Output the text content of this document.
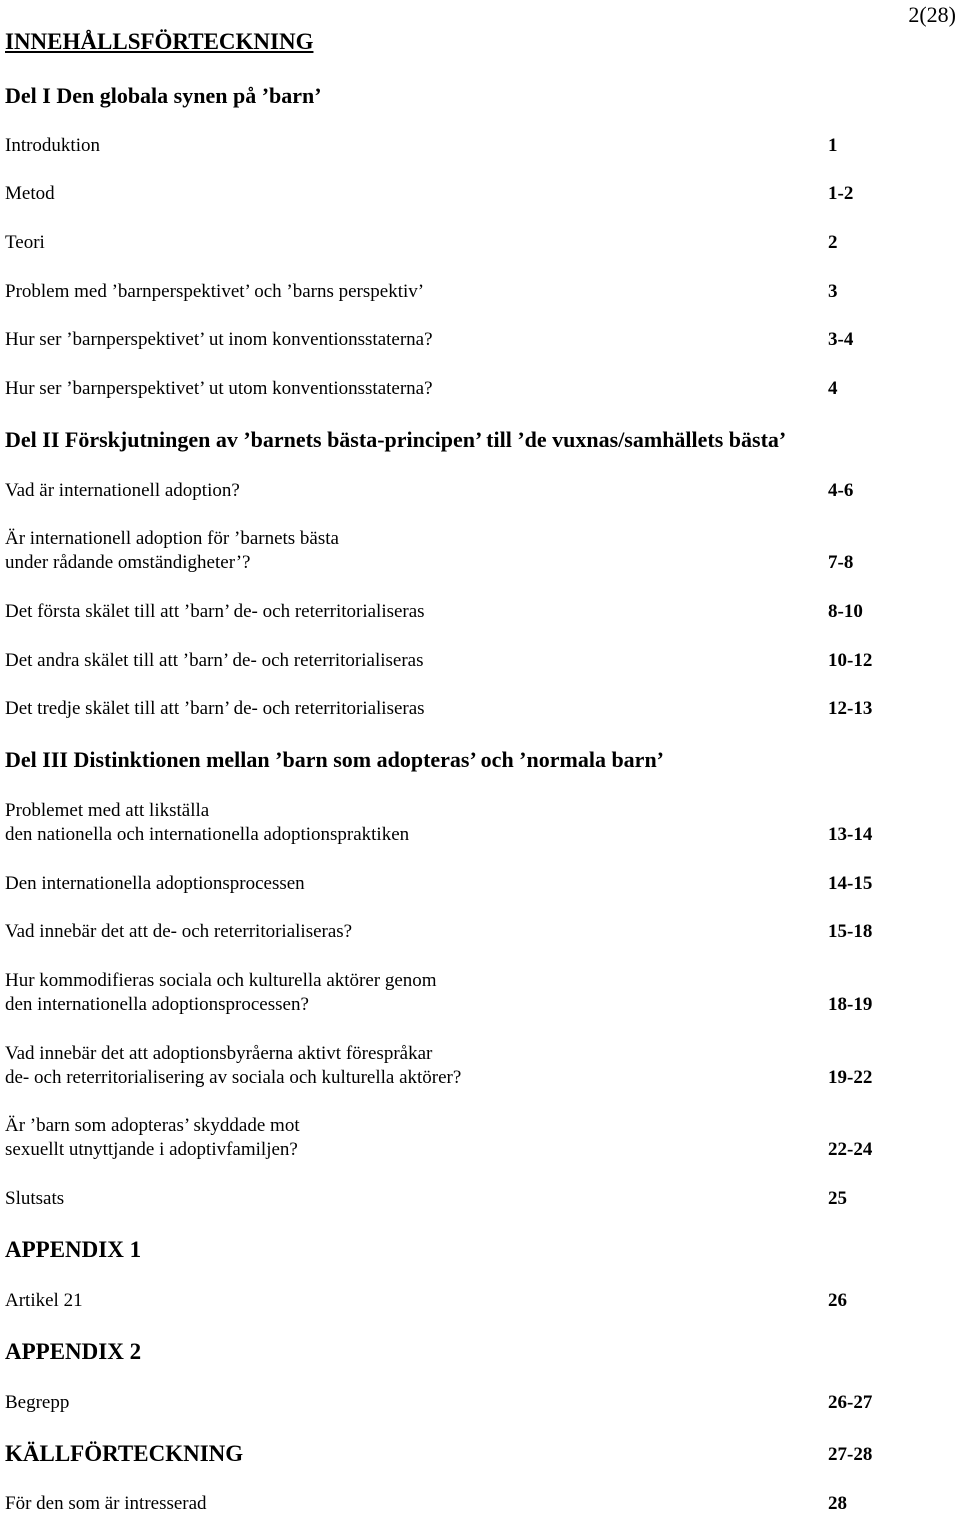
2(28)
INNEHÅLLSFÖRTECKNING
Del I Den globala synen på ’barn’
Introduktion	1
Metod	1-2
Teori	2
Problem med ’barnperspektivet’ och ’barns perspektiv’	3
Hur ser ’barnperspektivet’ ut inom konventionsstaterna?	3-4
Hur ser ’barnperspektivet’ ut utom konventionsstaterna?	4
Del II Förskjutningen av ’barnets bästa-principen’ till ’de vuxnas/samhällets bästa’
Vad är internationell adoption?	4-6
Är internationell adoption för ’barnets bästa
under rådande omständigheter’?	7-8
Det första skälet till att ’barn’ de- och reterritorialiseras	8-10
Det andra skälet till att ’barn’ de- och reterritorialiseras	10-12
Det tredje skälet till att ’barn’ de- och reterritorialiseras	12-13
Del III Distinktionen mellan ’barn som adopteras’ och ’normala barn’
Problemet med att likställa
den nationella och internationella adoptionspraktiken	13-14
Den internationella adoptionsprocessen	14-15
Vad innebär det att de- och reterritorialiseras?	15-18
Hur kommodifieras sociala och kulturella aktörer genom
den internationella adoptionsprocessen?	18-19
Vad innebär det att adoptionsbyråerna aktivt förespråkar
de- och reterritorialisering av sociala och kulturella aktörer?	19-22
Är ’barn som adopteras’ skyddade mot
sexuellt utnyttjande i adoptivfamiljen?	22-24
Slutsats	25
APPENDIX 1
Artikel 21	26
APPENDIX 2
Begrepp	26-27
KÄLLFÖRTECKNING	27-28
För den som är intresserad	28
